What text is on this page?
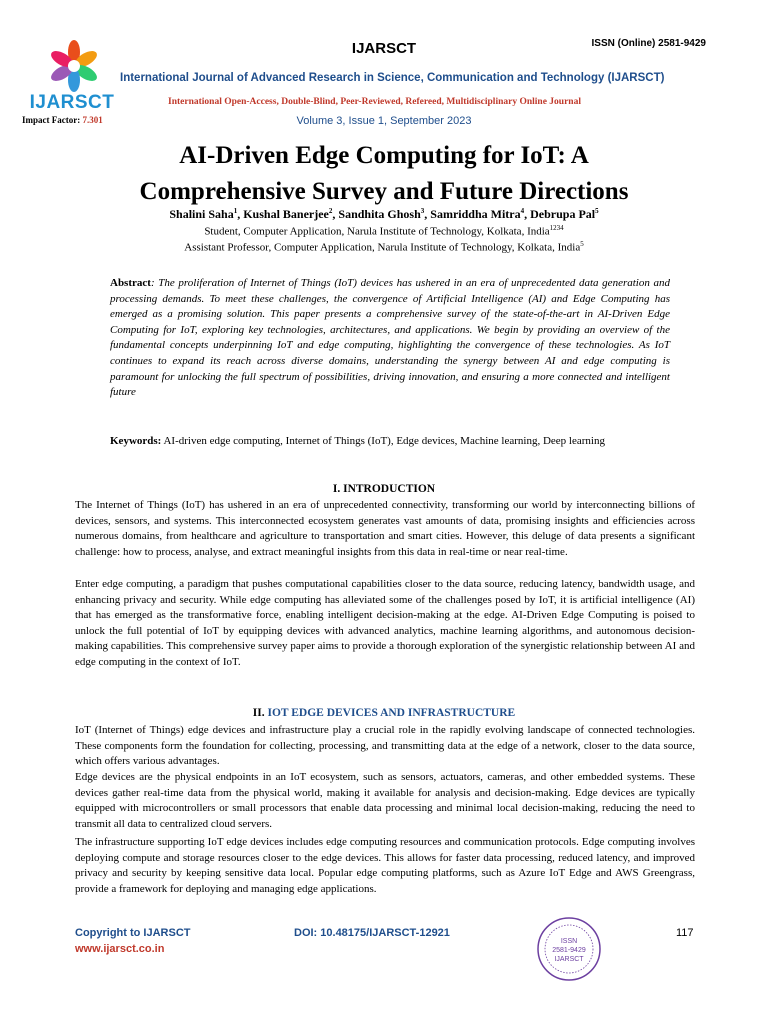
IJARSCT
IJARSCT	ISSN (Online) 2581-9429
International Journal of Advanced Research in Science, Communication and Technology (IJARSCT)
International Open-Access, Double-Blind, Peer-Reviewed, Refereed, Multidisciplinary Online Journal
Impact Factor: 7.301	Volume 3, Issue 1, September 2023
AI-Driven Edge Computing for IoT: A
Comprehensive Survey and Future Directions
Shalini Saha$^1$, Kushal Banerjee$^2$, Sandhita Ghosh$^3$, Samriddha Mitra$^4$, Debrupa Pal$^5$
Student, Computer Application, Narula Institute of Technology, Kolkata, India$^{1234}$
Assistant Professor, Computer Application, Narula Institute of Technology, Kolkata, India$^5$
Abstract: The proliferation of Internet of Things (IoT) devices has ushered in an era of unprecedented data generation and processing demands. To meet these challenges, the convergence of Artificial Intelligence (AI) and Edge Computing has emerged as a promising solution. This paper presents a comprehensive survey of the state-of-the-art in AI-Driven Edge Computing for IoT, exploring key technologies, architectures, and applications. We begin by providing an overview of the fundamental concepts underpinning IoT and edge computing, highlighting the convergence of these technologies. As IoT continues to expand its reach across diverse domains, understanding the synergy between AI and edge computing is paramount for unlocking the full spectrum of possibilities, driving innovation, and ensuring a more connected and intelligent future
Keywords: AI-driven edge computing, Internet of Things (IoT), Edge devices, Machine learning, Deep learning
I. INTRODUCTION
The Internet of Things (IoT) has ushered in an era of unprecedented connectivity, transforming our world by interconnecting billions of devices, sensors, and systems. This interconnected ecosystem generates vast amounts of data, promising insights and efficiencies across numerous domains, from healthcare and agriculture to transportation and smart cities. However, this deluge of data presents a significant challenge: how to process, analyse, and extract meaningful insights from this data in real-time or near real-time.
Enter edge computing, a paradigm that pushes computational capabilities closer to the data source, reducing latency, bandwidth usage, and enhancing privacy and security. While edge computing has alleviated some of the challenges posed by IoT, it is artificial intelligence (AI) that has emerged as the transformative force, enabling intelligent decision-making at the edge. AI-Driven Edge Computing is poised to unlock the full potential of IoT by equipping devices with advanced analytics, machine learning algorithms, and autonomous decision-making capabilities. This comprehensive survey paper aims to provide a thorough exploration of the synergistic relationship between AI and edge computing in the context of IoT.
II. IOT EDGE DEVICES AND INFRASTRUCTURE
IoT (Internet of Things) edge devices and infrastructure play a crucial role in the rapidly evolving landscape of connected technologies. These components form the foundation for collecting, processing, and transmitting data at the edge of a network, closer to the data source, which offers various advantages.
Edge devices are the physical endpoints in an IoT ecosystem, such as sensors, actuators, cameras, and other embedded systems. These devices gather real-time data from the physical world, making it available for analysis and decision-making. Edge devices are typically equipped with microcontrollers or small processors that enable data processing and minimal local decision-making, reducing the need to transmit all data to centralized cloud servers.
The infrastructure supporting IoT edge devices includes edge computing resources and communication protocols. Edge computing involves deploying compute and storage resources closer to the edge devices. This allows for faster data processing, reduced latency, and improved privacy and security by keeping sensitive data local. Popular edge computing platforms, such as Azure IoT Edge and AWS Greengrass, provide a framework for deploying and managing edge applications.
Copyright to IJARSCT
www.ijarsct.co.in
DOI: 10.48175/IJARSCT-12921	117
ISSN
2581-9429
IJARSCT
